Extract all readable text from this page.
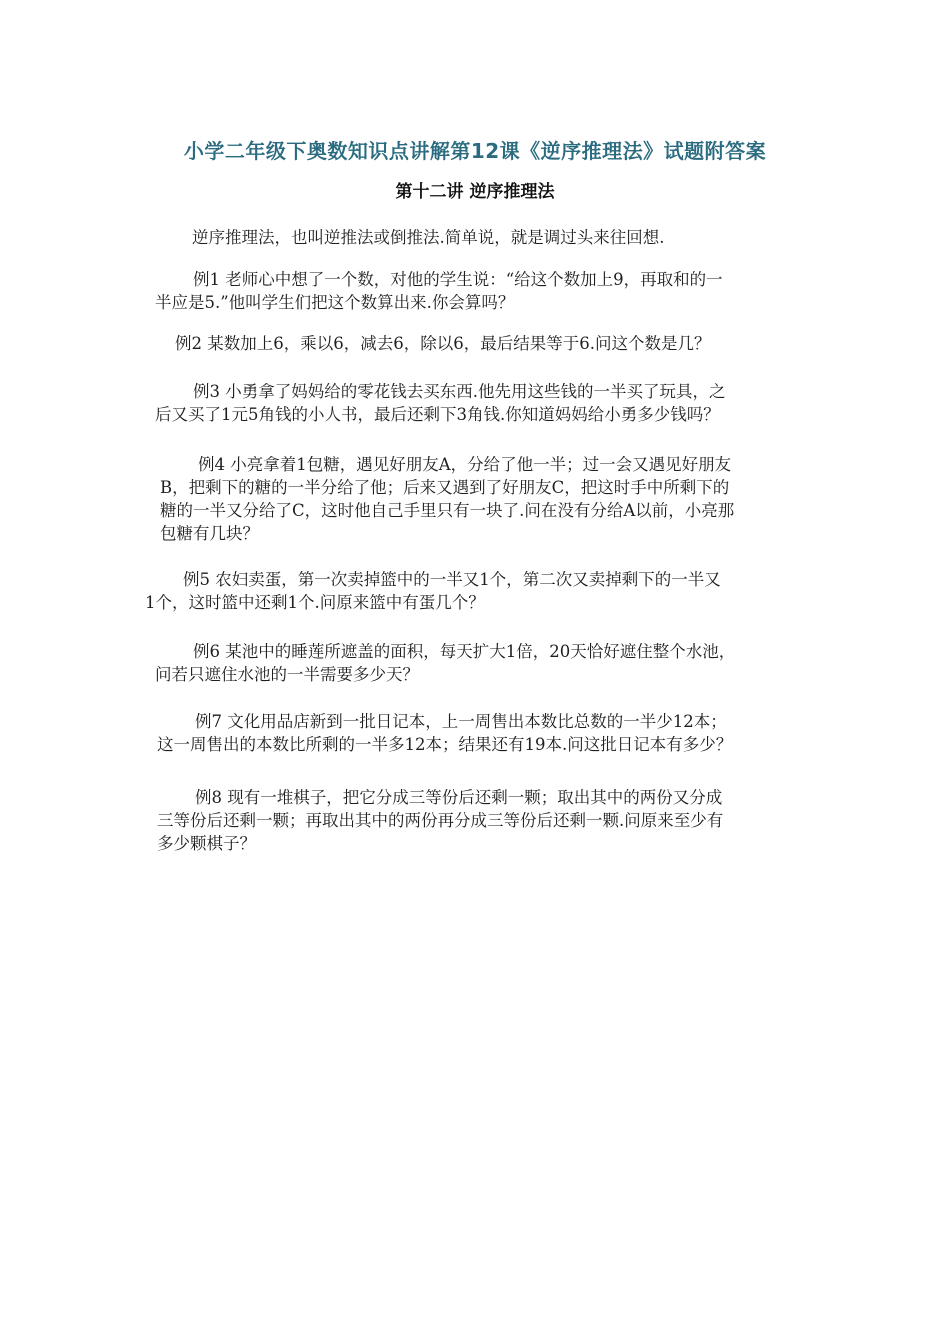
小学二年级下奥数知识点讲解第12课《逆序推理法》试题附答案
第十二讲 逆序推理法

逆序推理法，也叫逆推法或倒推法.简单说，就是调过头来往回想.

例1 老师心中想了一个数，对他的学生说：“给这个数加上9，再取和的一
半应是5.”他叫学生们把这个数算出来.你会算吗？
例2 某数加上6，乘以6，减去6，除以6，最后结果等于6.问这个数是几？
例3 小勇拿了妈妈给的零花钱去买东西.他先用这些钱的一半买了玩具，之
后又买了1元5角钱的小人书，最后还剩下3角钱.你知道妈妈给小勇多少钱吗？
例4 小亮拿着1包糖，遇见好朋友A，分给了他一半；过一会又遇见好朋友
B，把剩下的糖的一半分给了他；后来又遇到了好朋友C，把这时手中所剩下的
糖的一半又分给了C，这时他自己手里只有一块了.问在没有分给A以前，小亮那
包糖有几块？
例5 农妇卖蛋，第一次卖掉篮中的一半又1个，第二次又卖掉剩下的一半又
1个，这时篮中还剩1个.问原来篮中有蛋几个？
例6 某池中的睡莲所遮盖的面积，每天扩大1倍，20天恰好遮住整个水池，
问若只遮住水池的一半需要多少天？
例7 文化用品店新到一批日记本，上一周售出本数比总数的一半少12本；
这一周售出的本数比所剩的一半多12本；结果还有19本.问这批日记本有多少？
例8 现有一堆棋子，把它分成三等份后还剩一颗；取出其中的两份又分成
三等份后还剩一颗；再取出其中的两份再分成三等份后还剩一颗.问原来至少有
多少颗棋子？
